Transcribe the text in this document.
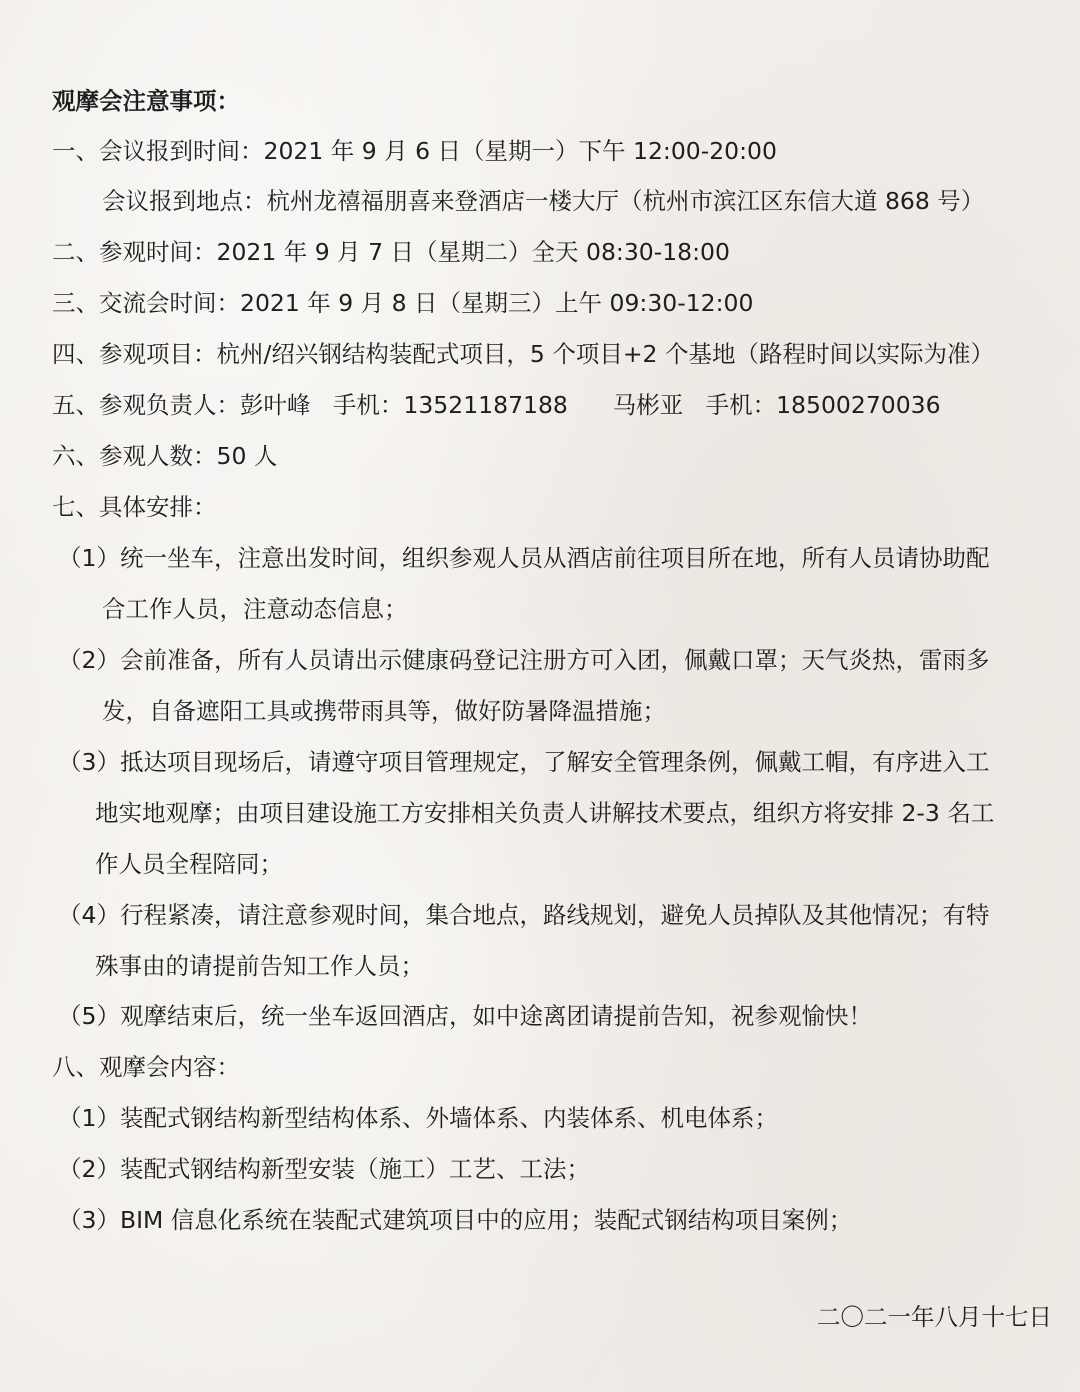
观摩会注意事项：
一、会议报到时间：2021 年 9 月 6 日（星期一）下午 12:00-20:00
会议报到地点：杭州龙禧福朋喜来登酒店一楼大厅（杭州市滨江区东信大道 868 号）
二、参观时间：2021 年 9 月 7 日（星期二）全天 08:30-18:00
三、交流会时间：2021 年 9 月 8 日（星期三）上午 09:30-12:00
四、参观项目：杭州/绍兴钢结构装配式项目，5 个项目+2 个基地（路程时间以实际为准）
五、参观负责人：彭叶峰   手机：13521187188      马彬亚   手机：18500270036
六、参观人数：50 人
七、具体安排：
（1）统一坐车，注意出发时间，组织参观人员从酒店前往项目所在地，所有人员请协助配
合工作人员，注意动态信息；
（2）会前准备，所有人员请出示健康码登记注册方可入团，佩戴口罩；天气炎热，雷雨多
发，自备遮阳工具或携带雨具等，做好防暑降温措施；
（3）抵达项目现场后，请遵守项目管理规定，了解安全管理条例，佩戴工帽，有序进入工
地实地观摩；由项目建设施工方安排相关负责人讲解技术要点，组织方将安排 2-3 名工
作人员全程陪同；
（4）行程紧凑，请注意参观时间，集合地点，路线规划，避免人员掉队及其他情况；有特
殊事由的请提前告知工作人员；
（5）观摩结束后，统一坐车返回酒店，如中途离团请提前告知，祝参观愉快！
八、观摩会内容：
（1）装配式钢结构新型结构体系、外墙体系、内装体系、机电体系；
（2）装配式钢结构新型安装（施工）工艺、工法；
（3）BIM 信息化系统在装配式建筑项目中的应用；装配式钢结构项目案例；
二〇二一年八月十七日
